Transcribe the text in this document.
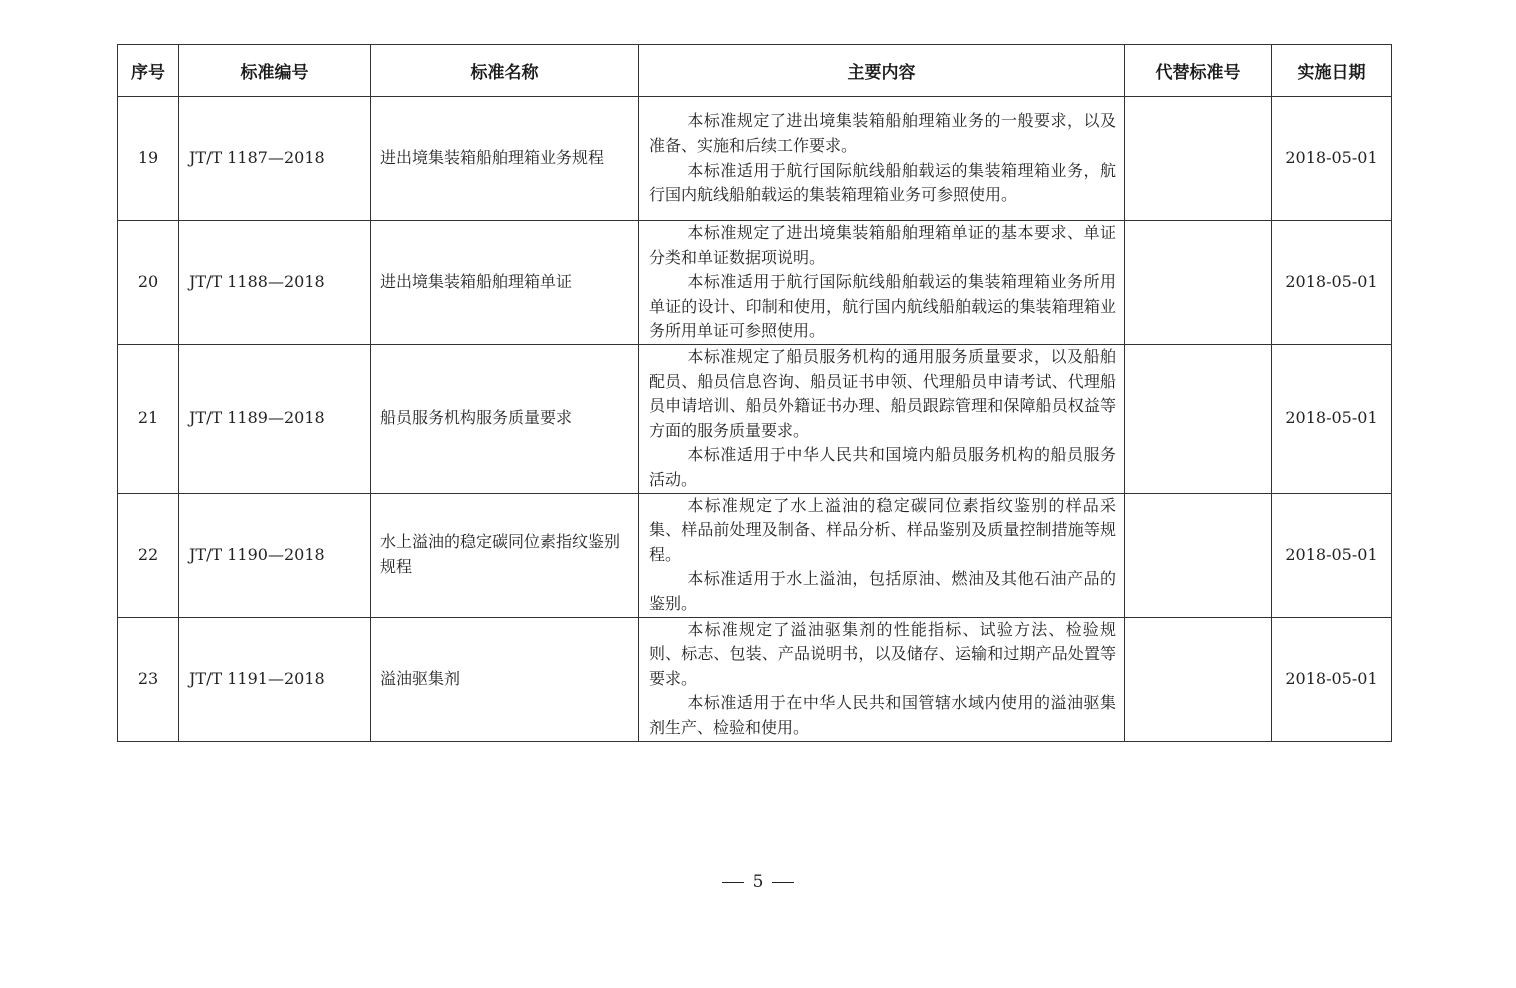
序号	标准编号	标准名称	主要内容	代替标准号	实施日期
19	JT/T 1187—2018	进出境集装箱船舶理箱业务规程	本标准规定了进出境集装箱船舶理箱业务的一般要求，以及准备、实施和后续工作要求。

本标准适用于航行国际航线船舶载运的集装箱理箱业务，航行国内航线船舶载运的集装箱理箱业务可参照使用。		2018-05-01
20	JT/T 1188—2018	进出境集装箱船舶理箱单证	本标准规定了进出境集装箱船舶理箱单证的基本要求、单证分类和单证数据项说明。

本标准适用于航行国际航线船舶载运的集装箱理箱业务所用单证的设计、印制和使用，航行国内航线船舶载运的集装箱理箱业务所用单证可参照使用。		2018-05-01
21	JT/T 1189—2018	船员服务机构服务质量要求	本标准规定了船员服务机构的通用服务质量要求，以及船舶配员、船员信息咨询、船员证书申领、代理船员申请考试、代理船员申请培训、船员外籍证书办理、船员跟踪管理和保障船员权益等方面的服务质量要求。

本标准适用于中华人民共和国境内船员服务机构的船员服务活动。		2018-05-01
22	JT/T 1190—2018	水上溢油的稳定碳同位素指纹鉴别规程	本标准规定了水上溢油的稳定碳同位素指纹鉴别的样品采集、样品前处理及制备、样品分析、样品鉴别及质量控制措施等规程。

本标准适用于水上溢油，包括原油、燃油及其他石油产品的鉴别。		2018-05-01
23	JT/T 1191—2018	溢油驱集剂	本标准规定了溢油驱集剂的性能指标、试验方法、检验规则、标志、包装、产品说明书，以及储存、运输和过期产品处置等要求。

本标准适用于在中华人民共和国管辖水域内使用的溢油驱集剂生产、检验和使用。		2018-05-01
5
